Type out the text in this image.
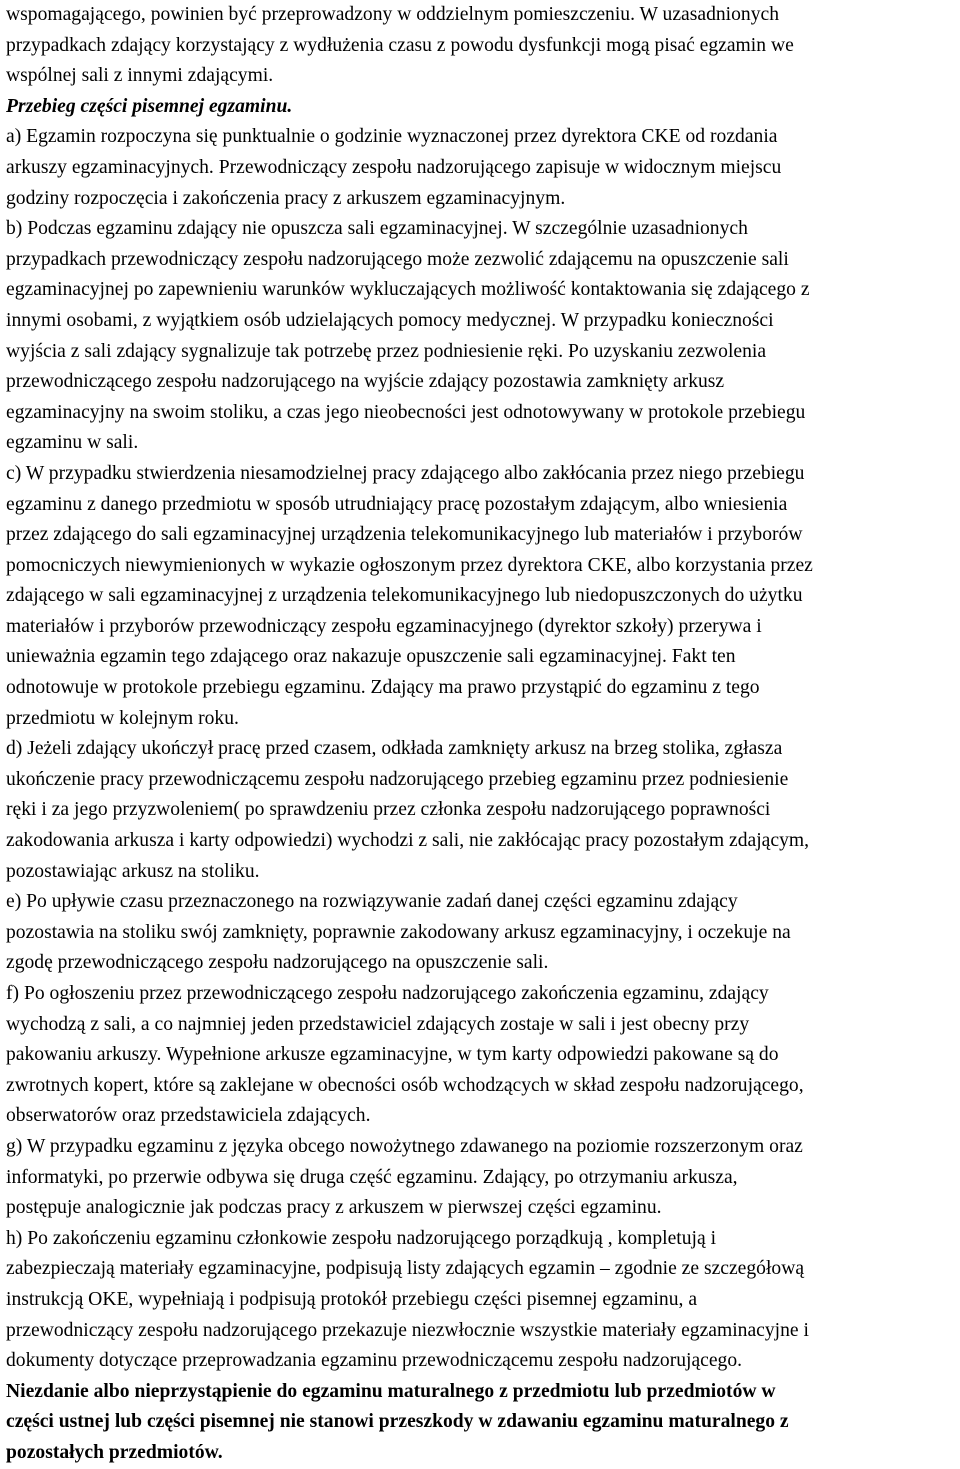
wspomagającego, powinien być przeprowadzony w oddzielnym pomieszczeniu. W uzasadnionych
przypadkach zdający korzystający z wydłużenia czasu z powodu dysfunkcji mogą pisać egzamin we
wspólnej sali z innymi zdającymi.
Przebieg części pisemnej egzaminu.
a) Egzamin rozpoczyna się punktualnie o godzinie wyznaczonej przez dyrektora CKE od rozdania
arkuszy egzaminacyjnych. Przewodniczący zespołu nadzorującego zapisuje w widocznym miejscu
godziny rozpoczęcia i zakończenia pracy z arkuszem egzaminacyjnym.
b) Podczas egzaminu zdający nie opuszcza sali egzaminacyjnej. W szczególnie uzasadnionych
przypadkach przewodniczący zespołu nadzorującego może zezwolić zdającemu na opuszczenie sali
egzaminacyjnej po zapewnieniu warunków wykluczających możliwość kontaktowania się zdającego z
innymi osobami, z wyjątkiem osób udzielających pomocy medycznej. W przypadku konieczności
wyjścia z sali zdający sygnalizuje tak potrzebę przez podniesienie ręki. Po uzyskaniu zezwolenia
przewodniczącego zespołu nadzorującego na wyjście zdający pozostawia zamknięty arkusz
egzaminacyjny na swoim stoliku, a czas jego nieobecności jest odnotowywany w protokole przebiegu
egzaminu w sali.
c) W przypadku stwierdzenia niesamodzielnej pracy zdającego albo zakłócania przez niego przebiegu
egzaminu z danego przedmiotu w sposób utrudniający pracę pozostałym zdającym, albo wniesienia
przez zdającego do sali egzaminacyjnej urządzenia telekomunikacyjnego lub materiałów i przyborów
pomocniczych niewymienionych w wykazie ogłoszonym przez dyrektora CKE, albo korzystania przez
zdającego w sali egzaminacyjnej z urządzenia telekomunikacyjnego lub niedopuszczonych do użytku
materiałów i przyborów przewodniczący zespołu egzaminacyjnego (dyrektor szkoły) przerywa i
unieważnia egzamin tego zdającego oraz nakazuje opuszczenie sali egzaminacyjnej. Fakt ten
odnotowuje w protokole przebiegu egzaminu. Zdający ma prawo przystąpić do egzaminu z tego
przedmiotu w kolejnym roku.
d) Jeżeli zdający ukończył pracę przed czasem, odkłada zamknięty arkusz na brzeg stolika, zgłasza
ukończenie pracy przewodniczącemu zespołu nadzorującego przebieg egzaminu przez podniesienie
ręki i za jego przyzwoleniem( po sprawdzeniu przez członka zespołu nadzorującego poprawności
zakodowania arkusza i karty odpowiedzi) wychodzi z sali, nie zakłócając pracy pozostałym zdającym,
pozostawiając arkusz na stoliku.
e) Po upływie czasu przeznaczonego na rozwiązywanie zadań danej części egzaminu zdający
pozostawia na stoliku swój zamknięty, poprawnie zakodowany arkusz egzaminacyjny, i oczekuje na
zgodę przewodniczącego zespołu nadzorującego na opuszczenie sali.
f) Po ogłoszeniu przez przewodniczącego zespołu nadzorującego zakończenia egzaminu, zdający
wychodzą z sali, a co najmniej jeden przedstawiciel zdających zostaje w sali i jest obecny przy
pakowaniu arkuszy. Wypełnione arkusze egzaminacyjne, w tym karty odpowiedzi pakowane są do
zwrotnych kopert, które są zaklejane w obecności osób wchodzących w skład zespołu nadzorującego,
obserwatorów oraz przedstawiciela zdających.
g) W przypadku egzaminu z języka obcego nowożytnego zdawanego na poziomie rozszerzonym oraz
informatyki, po przerwie odbywa się druga część egzaminu. Zdający, po otrzymaniu arkusza,
postępuje analogicznie jak podczas pracy z arkuszem w pierwszej części egzaminu.
h) Po zakończeniu egzaminu członkowie zespołu nadzorującego porządkują , kompletują i
zabezpieczają materiały egzaminacyjne, podpisują listy zdających egzamin – zgodnie ze szczegółową
instrukcją OKE, wypełniają i podpisują protokół przebiegu części pisemnej egzaminu, a
przewodniczący zespołu nadzorującego przekazuje niezwłocznie wszystkie materiały egzaminacyjne i
dokumenty dotyczące przeprowadzania egzaminu przewodniczącemu zespołu nadzorującego.
Niezdanie albo nieprzystąpienie do egzaminu maturalnego z przedmiotu lub przedmiotów w
części ustnej lub części pisemnej nie stanowi przeszkody w zdawaniu egzaminu maturalnego z
pozostałych przedmiotów.
